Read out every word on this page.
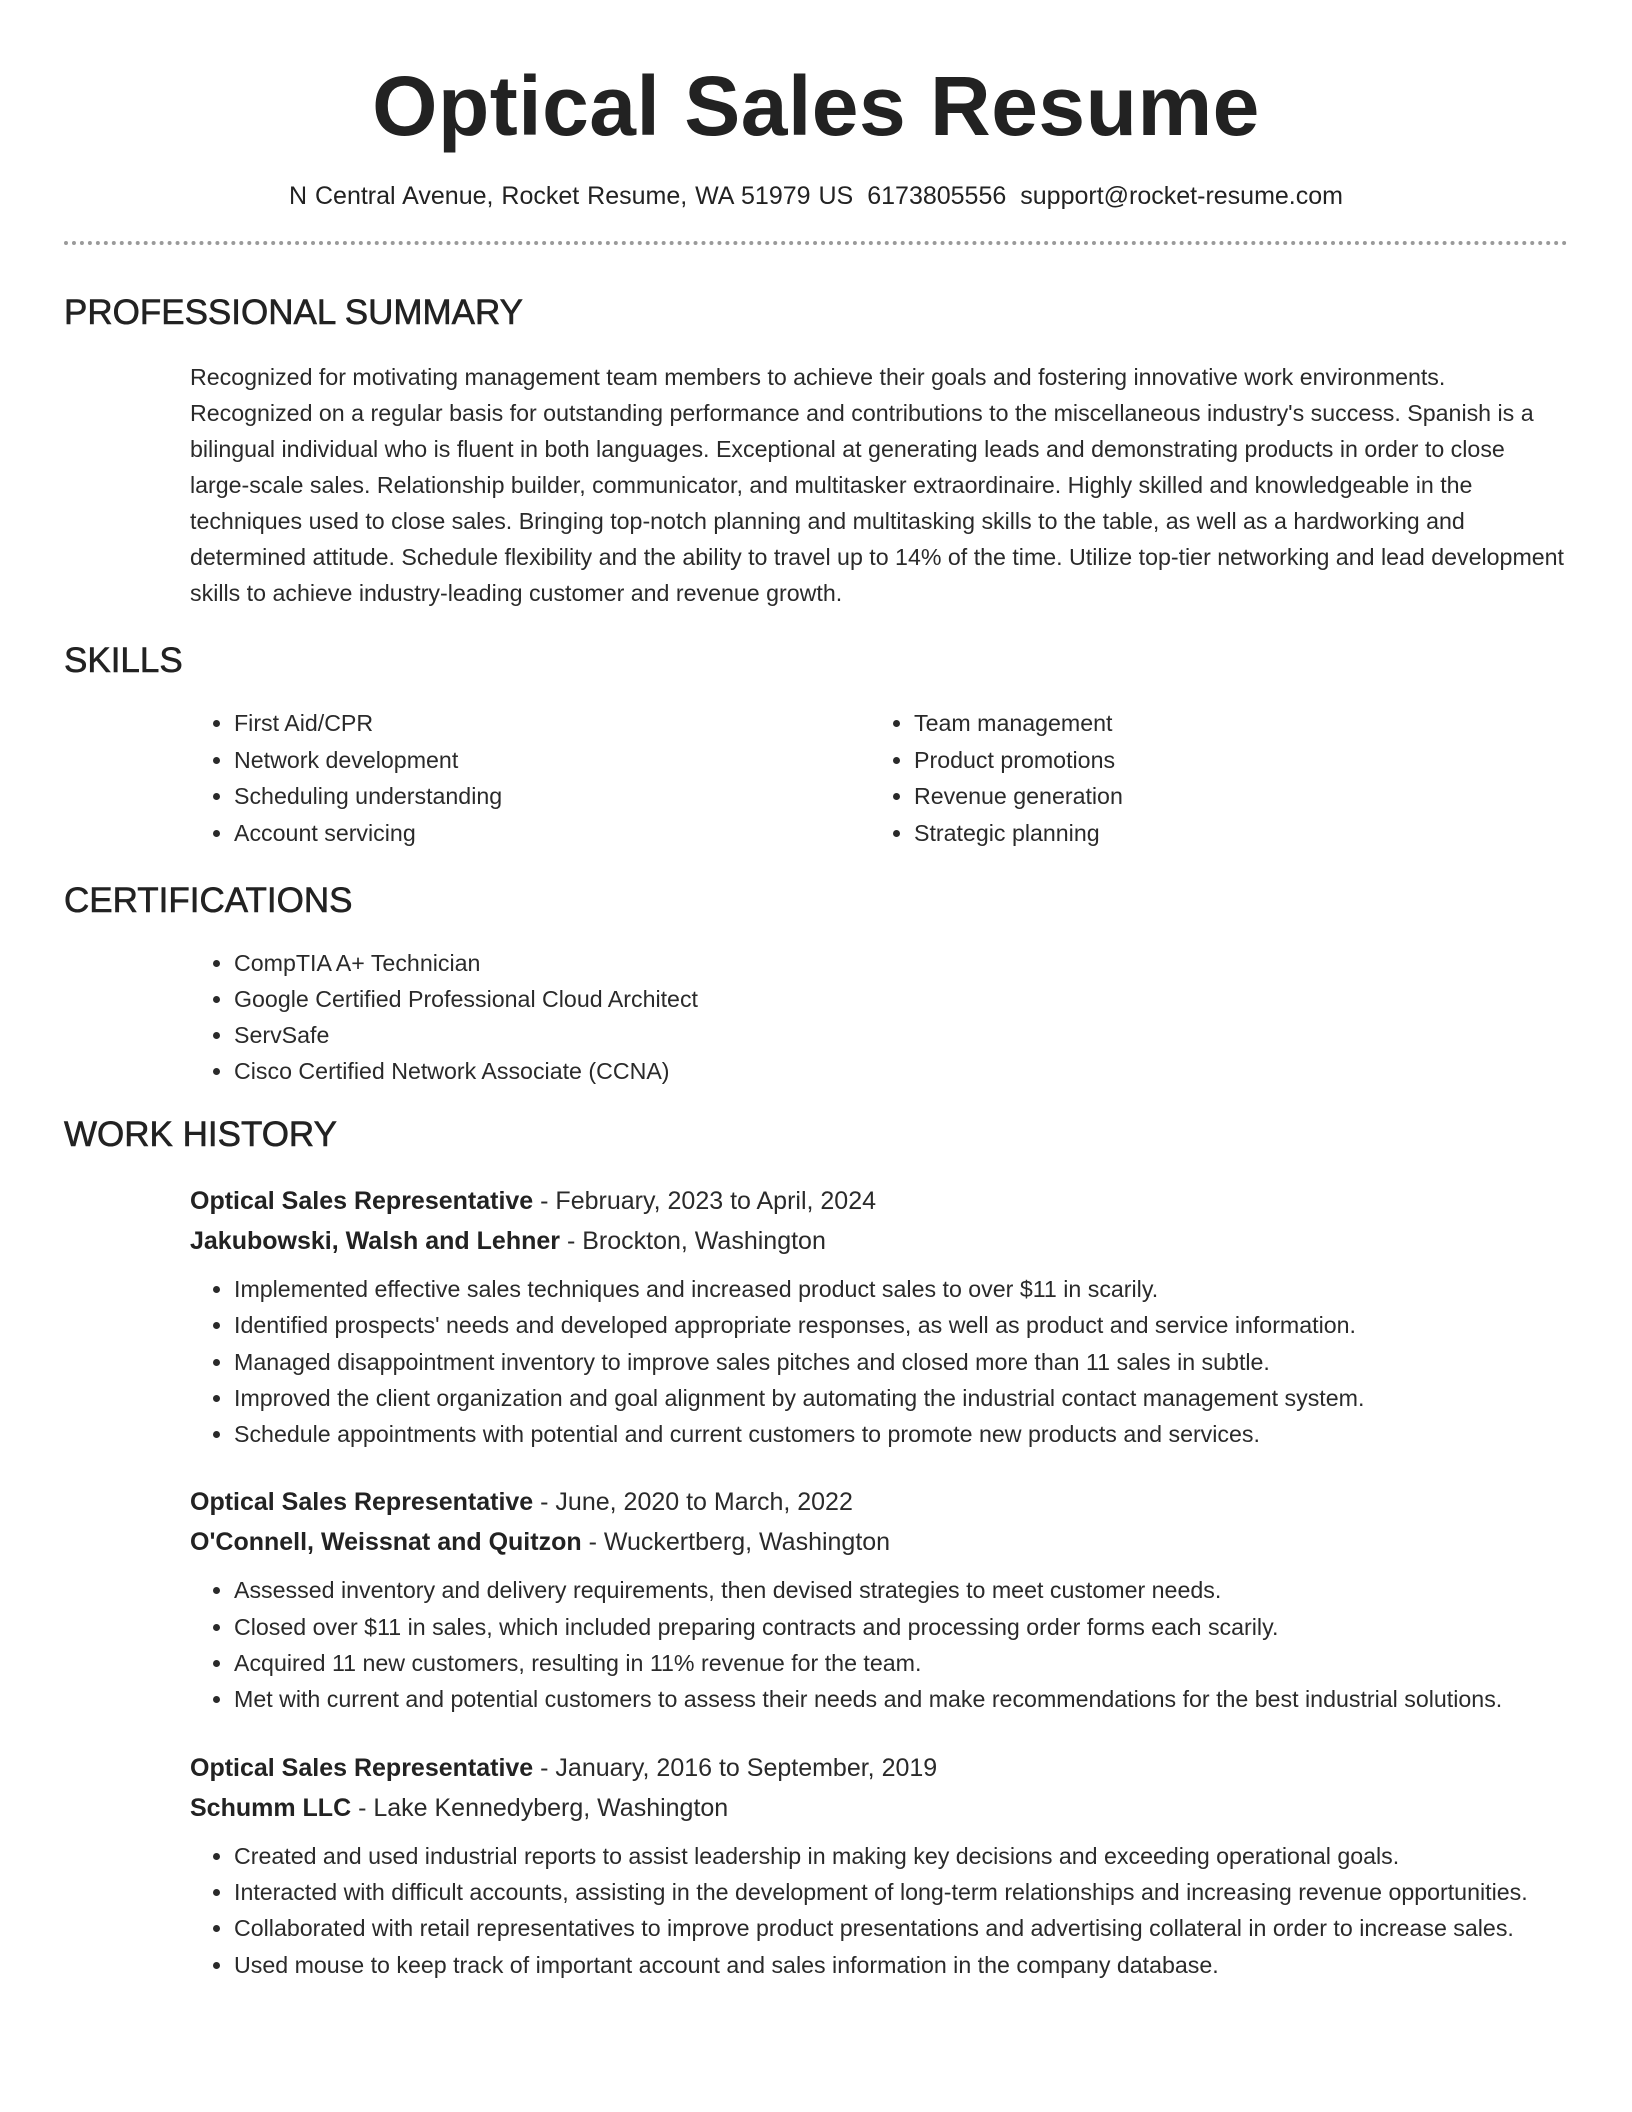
Optical Sales Resume
N Central Avenue, Rocket Resume, WA 51979 US 6173805556 support@rocket-resume.com
PROFESSIONAL SUMMARY
Recognized for motivating management team members to achieve their goals and fostering innovative work environments. Recognized on a regular basis for outstanding performance and contributions to the miscellaneous industry's success. Spanish is a bilingual individual who is fluent in both languages. Exceptional at generating leads and demonstrating products in order to close large-scale sales. Relationship builder, communicator, and multitasker extraordinaire. Highly skilled and knowledgeable in the techniques used to close sales. Bringing top-notch planning and multitasking skills to the table, as well as a hardworking and determined attitude. Schedule flexibility and the ability to travel up to 14% of the time. Utilize top-tier networking and lead development skills to achieve industry-leading customer and revenue growth.
SKILLS
• First Aid/CPR
• Network development
• Scheduling understanding
• Account servicing
• Team management
• Product promotions
• Revenue generation
• Strategic planning
CERTIFICATIONS
• CompTIA A+ Technician
• Google Certified Professional Cloud Architect
• ServSafe
• Cisco Certified Network Associate (CCNA)
WORK HISTORY
Optical Sales Representative - February, 2023 to April, 2024
Jakubowski, Walsh and Lehner - Brockton, Washington
• Implemented effective sales techniques and increased product sales to over $11 in scarily.
• Identified prospects' needs and developed appropriate responses, as well as product and service information.
• Managed disappointment inventory to improve sales pitches and closed more than 11 sales in subtle.
• Improved the client organization and goal alignment by automating the industrial contact management system.
• Schedule appointments with potential and current customers to promote new products and services.
Optical Sales Representative - June, 2020 to March, 2022
O'Connell, Weissnat and Quitzon - Wuckertberg, Washington
• Assessed inventory and delivery requirements, then devised strategies to meet customer needs.
• Closed over $11 in sales, which included preparing contracts and processing order forms each scarily.
• Acquired 11 new customers, resulting in 11% revenue for the team.
• Met with current and potential customers to assess their needs and make recommendations for the best industrial solutions.
Optical Sales Representative - January, 2016 to September, 2019
Schumm LLC - Lake Kennedyberg, Washington
• Created and used industrial reports to assist leadership in making key decisions and exceeding operational goals.
• Interacted with difficult accounts, assisting in the development of long-term relationships and increasing revenue opportunities.
• Collaborated with retail representatives to improve product presentations and advertising collateral in order to increase sales.
• Used mouse to keep track of important account and sales information in the company database.
